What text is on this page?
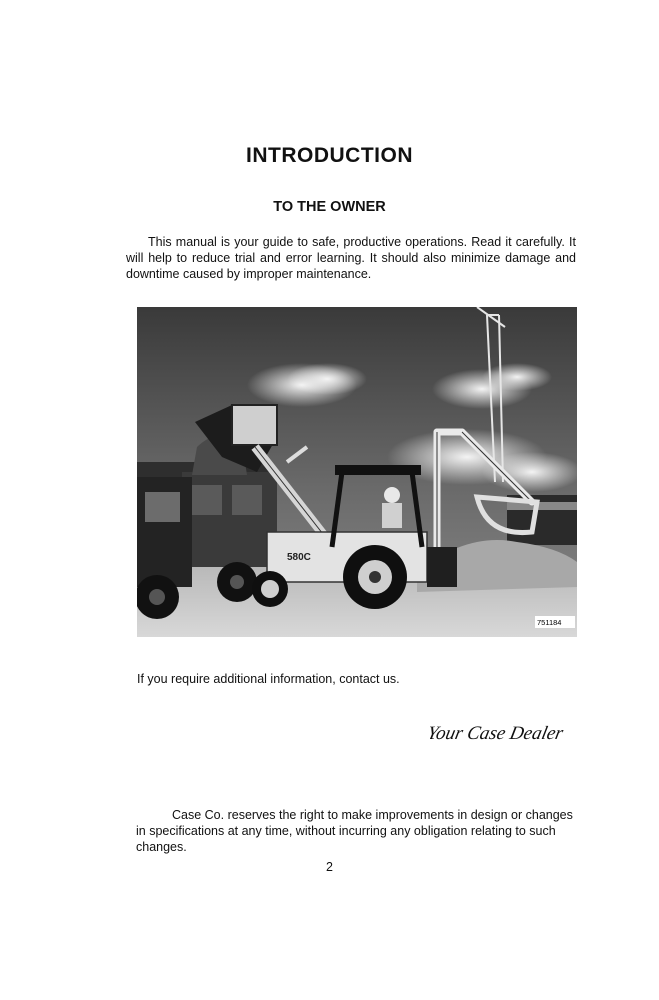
INTRODUCTION
TO THE OWNER

This manual is your guide to safe, productive operations. Read it carefully. It will help to reduce trial and error learning. It should also minimize damage and downtime caused by improper maintenance.

580C
751184

If you require additional information, contact us.

Your Case Dealer

Case Co. reserves the right to make improvements in design or changes in specifications at any time, without incurring any obligation relating to such changes.

2
